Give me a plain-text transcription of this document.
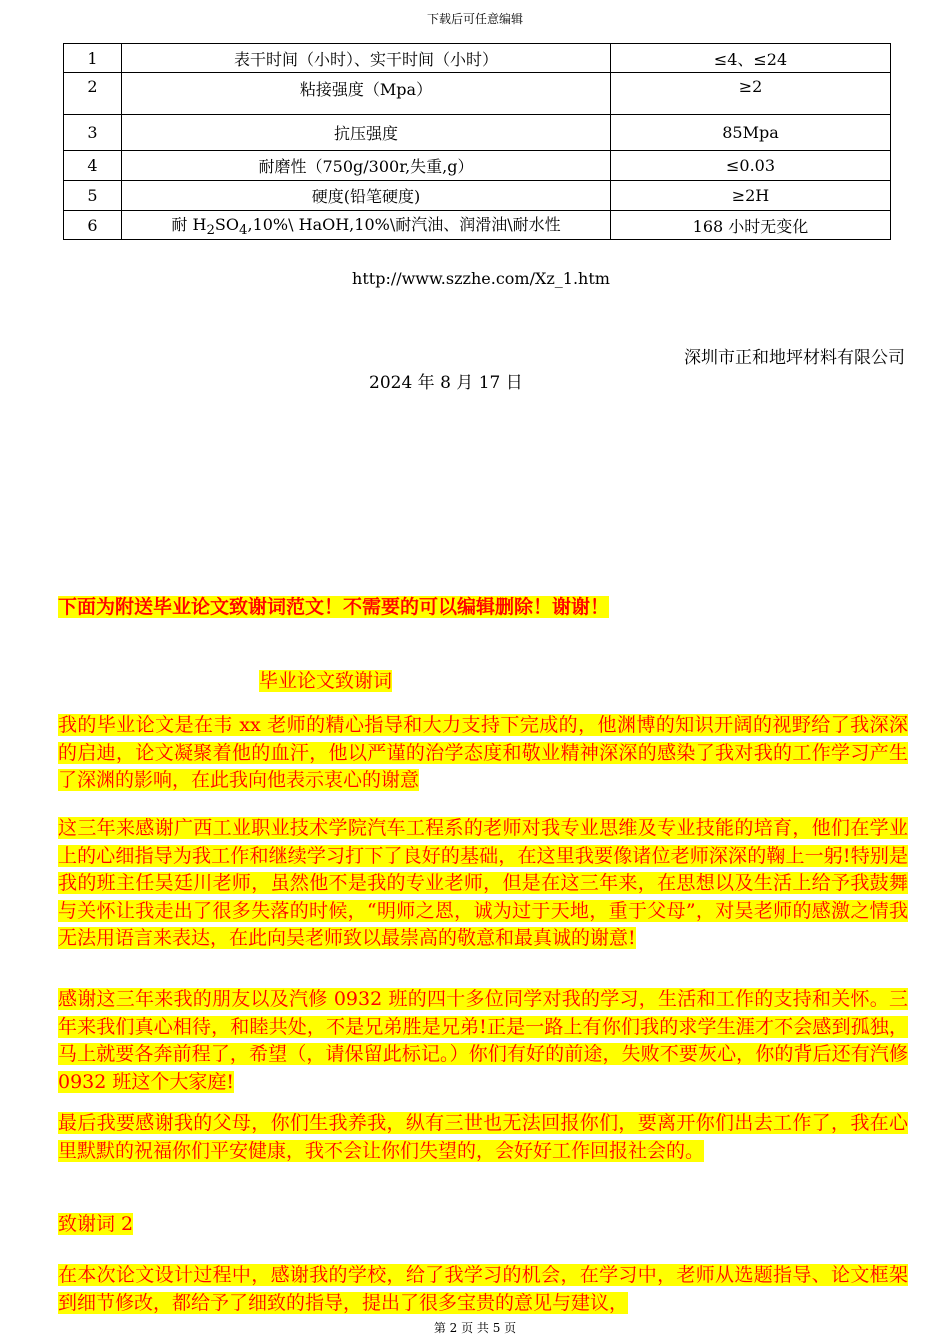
下载后可任意编辑
1	表干时间（小时）、实干时间（小时）	≤4、≤24
2	粘接强度（Mpa）	≥2
3	抗压强度	85Mpa
4	耐磨性（750g/300r,失重,g）	≤0.03
5	硬度(铅笔硬度)	≥2H
6	耐 $H_2SO_4,10\%\backslash$ HaOH,10%\耐汽油、润滑油\耐水性	168 小时无变化
http://www.szzhe.com/Xz_1.htm
深圳市正和地坪材料有限公司
2024 年 8 月 17 日
下面为附送毕业论文致谢词范文！不需要的可以编辑删除！谢谢！
毕业论文致谢词
我的毕业论文是在韦 xx 老师的精心指导和大力支持下完成的，他渊博的知识开阔的视野给了我深深的启迪，论文凝聚着他的血汗，他以严谨的治学态度和敬业精神深深的感染了我对我的工作学习产生了深渊的影响，在此我向他表示衷心的谢意
这三年来感谢广西工业职业技术学院汽车工程系的老师对我专业思维及专业技能的培育，他们在学业上的心细指导为我工作和继续学习打下了良好的基础，在这里我要像诸位老师深深的鞠上一躬!特别是我的班主任吴廷川老师，虽然他不是我的专业老师，但是在这三年来，在思想以及生活上给予我鼓舞与关怀让我走出了很多失落的时候，“明师之恩，诚为过于天地，重于父母”，对吴老师的感激之情我无法用语言来表达，在此向吴老师致以最崇高的敬意和最真诚的谢意!
感谢这三年来我的朋友以及汽修 0932 班的四十多位同学对我的学习，生活和工作的支持和关怀。三年来我们真心相待，和睦共处，不是兄弟胜是兄弟!正是一路上有你们我的求学生涯才不会感到孤独，马上就要各奔前程了，希望（，请保留此标记。）你们有好的前途，失败不要灰心，你的背后还有汽修 0932 班这个大家庭!
最后我要感谢我的父母，你们生我养我，纵有三世也无法回报你们，要离开你们出去工作了，我在心里默默的祝福你们平安健康，我不会让你们失望的，会好好工作回报社会的。
致谢词 2
在本次论文设计过程中，感谢我的学校，给了我学习的机会，在学习中，老师从选题指导、论文框架到细节修改，都给予了细致的指导，提出了很多宝贵的意见与建议，
第 2 页 共 5 页
